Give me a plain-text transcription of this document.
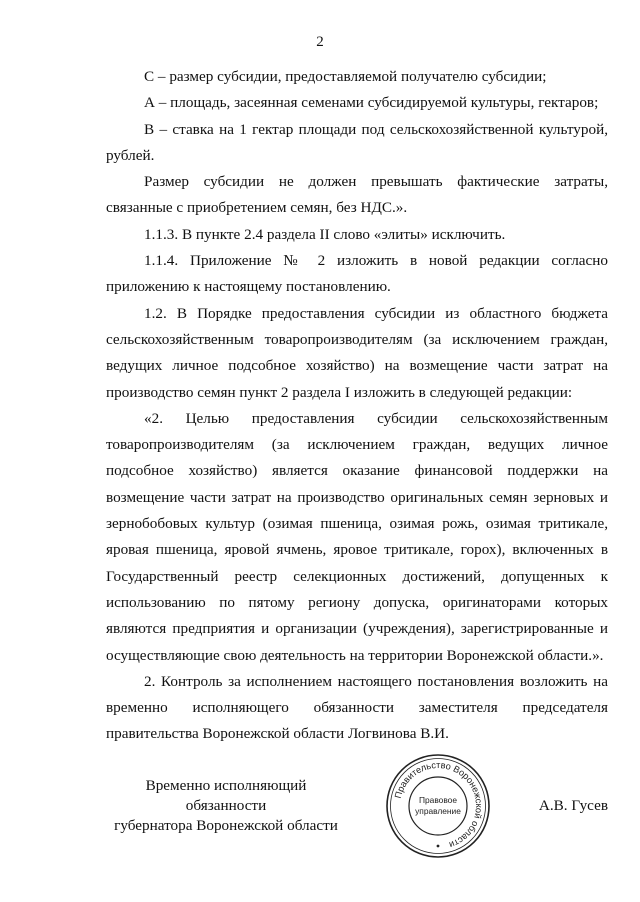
2

С – размер субсидии, предоставляемой получателю субсидии;

А – площадь, засеянная семенами субсидируемой культуры, гектаров;

В – ставка на 1 гектар площади под сельскохозяйственной культурой, рублей.

Размер субсидии не должен превышать фактические затраты, связанные с приобретением семян, без НДС.».

1.1.3. В пункте 2.4 раздела II слово «элиты» исключить.

1.1.4. Приложение № 2 изложить в новой редакции согласно приложению к настоящему постановлению.

1.2. В Порядке предоставления субсидии из областного бюджета сельскохозяйственным товаропроизводителям (за исключением граждан, ведущих личное подсобное хозяйство) на возмещение части затрат на производство семян пункт 2 раздела I изложить в следующей редакции:

«2. Целью предоставления субсидии сельскохозяйственным товаропроизводителям (за исключением граждан, ведущих личное подсобное хозяйство) является оказание финансовой поддержки на возмещение части затрат на производство оригинальных семян зерновых и зернобобовых культур (озимая пшеница, озимая рожь, озимая тритикале, яровая пшеница, яровой ячмень, яровое тритикале, горох), включенных в Государственный реестр селекционных достижений, допущенных к использованию по пятому региону допуска, оригинаторами которых являются предприятия и организации (учреждения), зарегистрированные и осуществляющие свою деятельность на территории Воронежской области.».

2. Контроль за исполнением настоящего постановления возложить на временно исполняющего обязанности заместителя председателя правительства Воронежской области Логвинова В.И.

Временно исполняющий обязанности
губернатора Воронежской области
А.В. Гусев
Правительство Воронежской области
Правовое
управление
